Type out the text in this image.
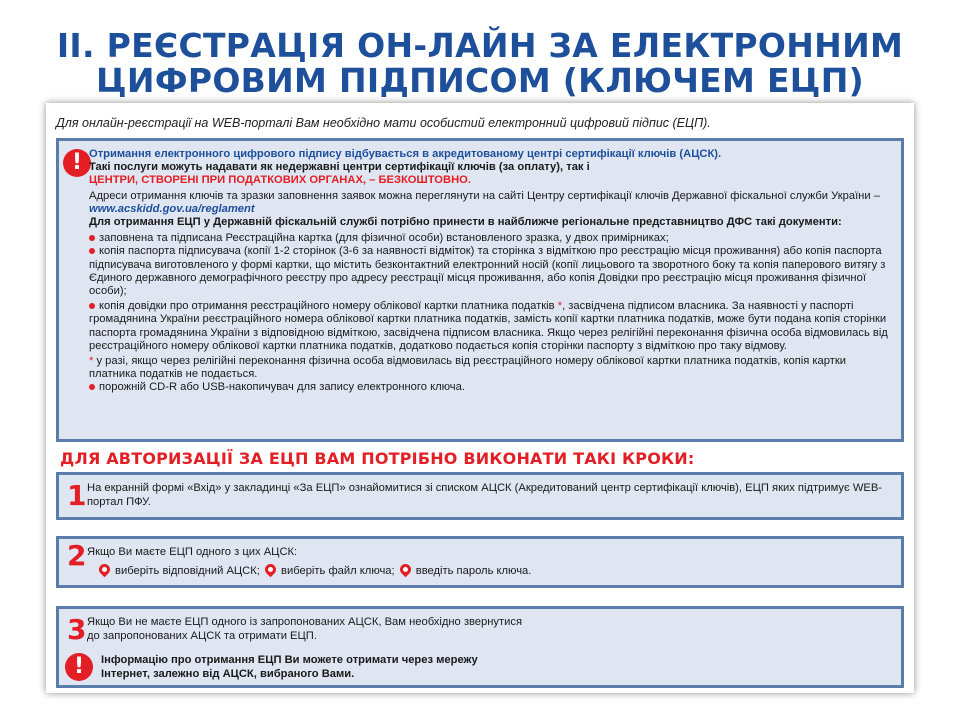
ІІ. РЕЄСТРАЦІЯ ОН-ЛАЙН ЗА ЕЛЕКТРОННИМ
ЦИФРОВИМ ПІДПИСОМ (КЛЮЧЕМ ЕЦП)
Для онлайн-реєстрації на WEB-порталі Вам необхідно мати особистий електронний цифровий підпис (ЕЦП).
! Отримання електронного цифрового підпису відбувається в акредитованому центрі сертифікації ключів (АЦСК).

Такі послуги можуть надавати як недержавні центри сертифікації ключів (за оплату), так і

ЦЕНТРИ, СТВОРЕНІ ПРИ ПОДАТКОВИХ ОРГАНАХ, – БЕЗКОШТОВНО.

Адреси отримання ключів та зразки заповнення заявок можна переглянути на сайті Центру сертифікації ключів Державної фіскальної служби України – www.acskidd.gov.ua/reglament

Для отримання ЕЦП у Державній фіскальній службі потрібно принести в найближче регіональне представництво ДФС такі документи:

заповнена та підписана Реєстраційна картка (для фізичної особи) встановленого зразка, у двох примірниках;

копія паспорта підписувача (копії 1-2 сторінок (3-6 за наявності відміток) та сторінка з відміткою про реєстрацію місця проживання) або копія паспорта підписувача виготовленого у формі картки, що містить безконтактний електронний носій (копії лицьового та зворотного боку та копія паперового витягу з Єдиного державного демографічного реєстру про адресу реєстрації місця проживання, або копія Довідки про реєстрацію місця проживання фізичної особи);

копія довідки про отримання реєстраційного номеру облікової картки платника податків *, засвідчена підписом власника. За наявності у паспорті громадянина України реєстраційного номера облікової картки платника податків, замість копії картки платника податків, може бути подана копія сторінки паспорта громадянина України з відповідною відміткою, засвідчена підписом власника. Якщо через релігійні переконання фізична особа відмовилась від реєстраційного номеру облікової картки платника податків, додатково подається копія сторінки паспорту з відміткою про таку відмову.

* у разі, якщо через релігійні переконання фізична особа відмовилась від реєстраційного номеру облікової картки платника податків, копія картки платника податків не подається.

порожній CD-R або USB-накопичувач для запису електронного ключа.

ДЛЯ АВТОРИЗАЦІЇ ЗА ЕЦП ВАМ ПОТРІБНО ВИКОНАТИ ТАКІ КРОКИ:
1 На екранній формі «Вхід» у закладинці «За ЕЦП» ознайомитися зі списком АЦСК (Акредитований центр сертифікації ключів), ЕЦП яких підтримує WEB-портал ПФУ.
2 Якщо Ви маєте ЕЦП одного з цих АЦСК:
виберіть відповідний АЦСК; виберіть файл ключа; введіть пароль ключа.
3 Якщо Ви не маєте ЕЦП одного із запропонованих АЦСК, Вам необхідно звернутися
до запропонованих АЦСК та отримати ЕЦП.
!	Інформацію про отримання ЕЦП Ви можете отримати через мережу
Інтернет, залежно від АЦСК, вибраного Вами.
